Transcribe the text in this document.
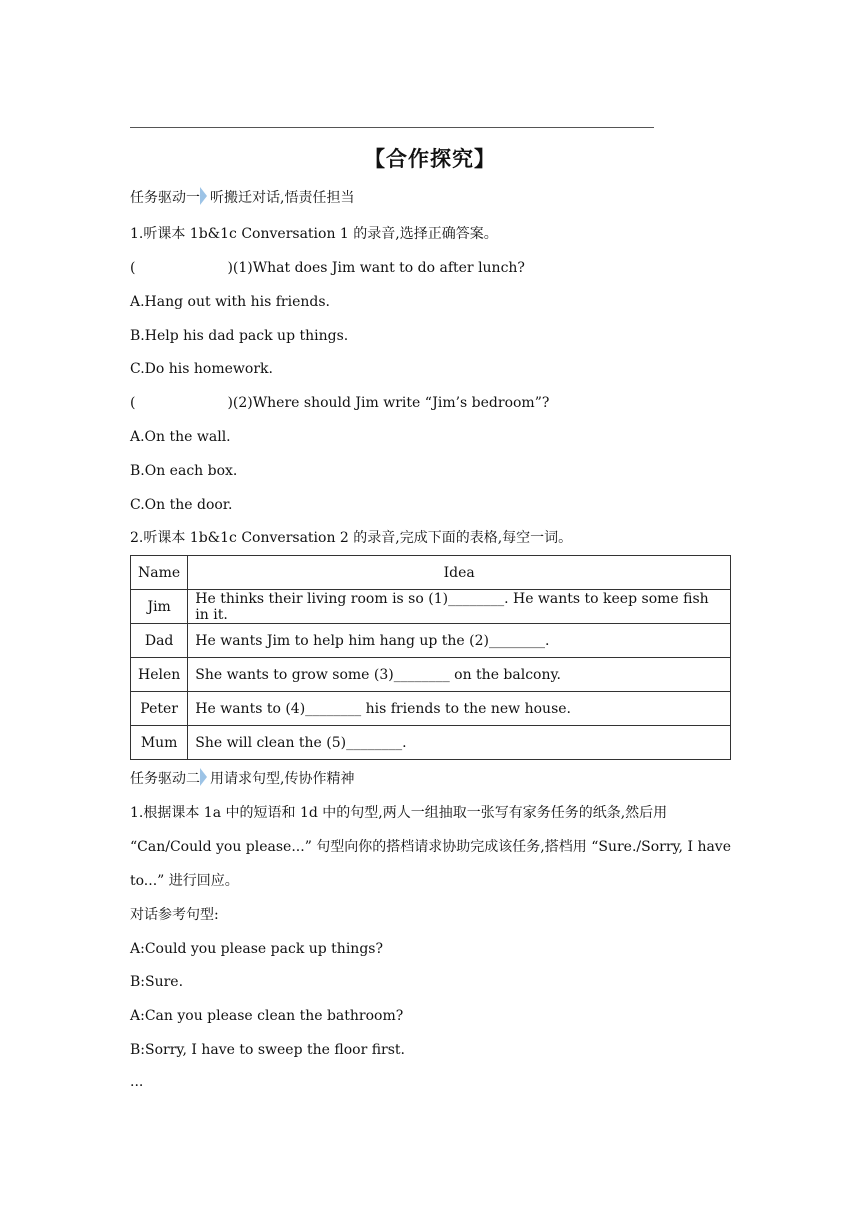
【合作探究】
任务驱动一 听搬迁对话,悟责任担当
1.听课本 1b&1c Conversation 1 的录音,选择正确答案。
(	)(1)What does Jim want to do after lunch?
A.Hang out with his friends.
B.Help his dad pack up things.
C.Do his homework.
(	)(2)Where should Jim write “Jim’s bedroom”?
A.On the wall.
B.On each box.
C.On the door.
2.听课本 1b&1c Conversation 2 的录音,完成下面的表格,每空一词。
Name	Idea
Jim	He thinks their living room is so (1)________. He wants to keep some fish in it.
Dad	He wants Jim to help him hang up the (2)________.
Helen	She wants to grow some (3)________ on the balcony.
Peter	He wants to (4)________ his friends to the new house.
Mum	She will clean the (5)________.
任务驱动二 用请求句型,传协作精神
1.根据课本 1a 中的短语和 1d 中的句型,两人一组抽取一张写有家务任务的纸条,然后用
“Can/Could you please...” 句型向你的搭档请求协助完成该任务,搭档用 “Sure./Sorry, I have
to...” 进行回应。
对话参考句型:
A:Could you please pack up things?
B:Sure.
A:Can you please clean the bathroom?
B:Sorry, I have to sweep the floor first.
...
